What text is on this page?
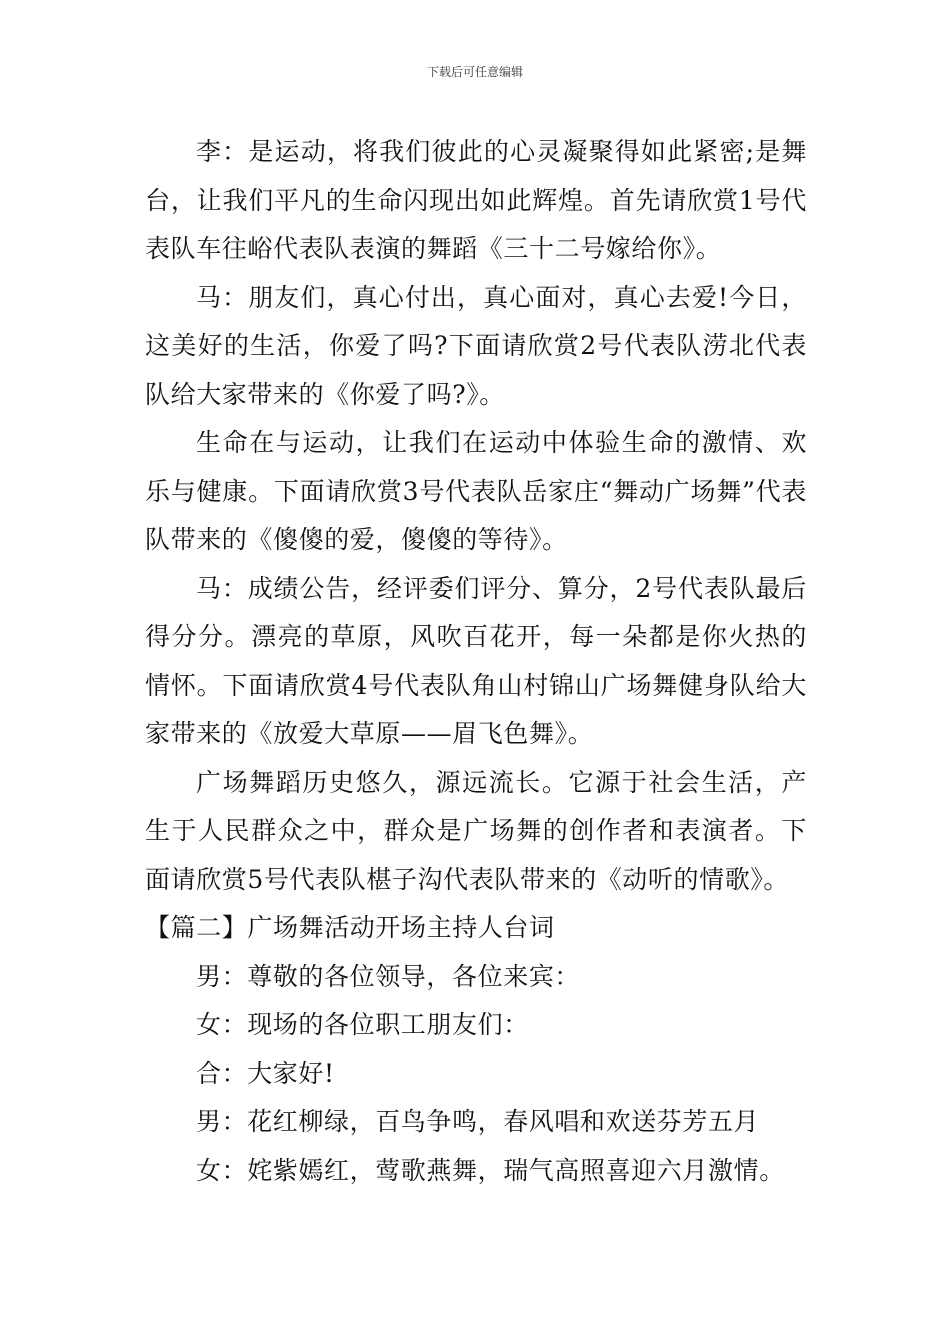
下载后可任意编辑

李：是运动，将我们彼此的心灵凝聚得如此紧密;是舞台，让我们平凡的生命闪现出如此辉煌。首先请欣赏1号代表队车往峪代表队表演的舞蹈《三十二号嫁给你》。

马：朋友们，真心付出，真心面对，真心去爱!今日，这美好的生活，你爱了吗?下面请欣赏2号代表队涝北代表队给大家带来的《你爱了吗?》。

生命在与运动，让我们在运动中体验生命的激情、欢乐与健康。下面请欣赏3号代表队岳家庄“舞动广场舞”代表队带来的《傻傻的爱，傻傻的等待》。

马：成绩公告，经评委们评分、算分，2号代表队最后得分分。漂亮的草原，风吹百花开，每一朵都是你火热的情怀。下面请欣赏4号代表队角山村锦山广场舞健身队给大家带来的《放爱大草原——眉飞色舞》。

广场舞蹈历史悠久，源远流长。它源于社会生活，产生于人民群众之中，群众是广场舞的创作者和表演者。下面请欣赏5号代表队椹子沟代表队带来的《动听的情歌》。

【篇二】广场舞活动开场主持人台词

男：尊敬的各位领导，各位来宾：

女：现场的各位职工朋友们：

合：大家好!

男：花红柳绿，百鸟争鸣，春风唱和欢送芬芳五月

女：姹紫嫣红，莺歌燕舞，瑞气高照喜迎六月激情。
